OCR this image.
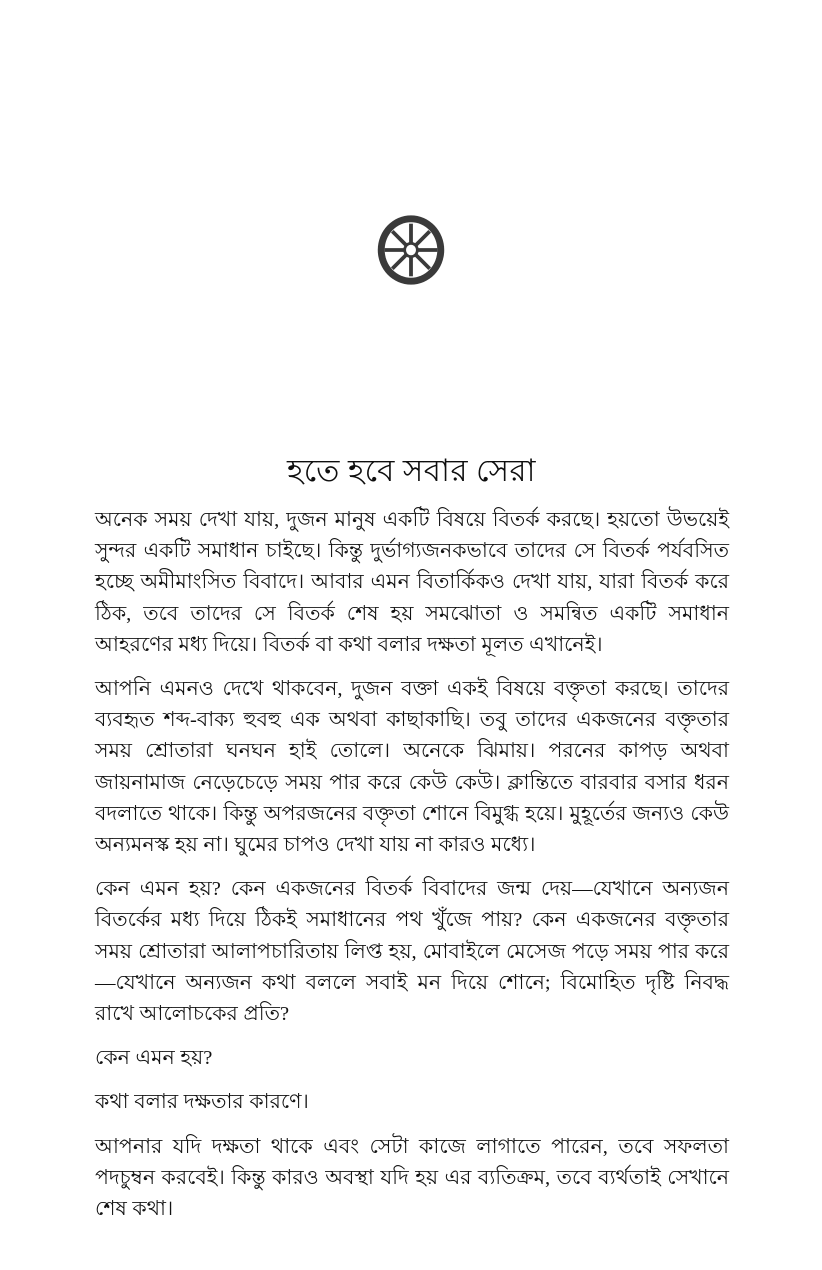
হতে হবে সবার সেরা

অনেক সময় দেখা যায়, দুজন মানুষ একটি বিষয়ে বিতর্ক করছে। হয়তো উভয়েই সুন্দর একটি সমাধান চাইছে। কিন্তু দুর্ভাগ্যজনকভাবে তাদের সে বিতর্ক পর্যবসিত হচ্ছে অমীমাংসিত বিবাদে। আবার এমন বিতার্কিকও দেখা যায়, যারা বিতর্ক করে ঠিক, তবে তাদের সে বিতর্ক শেষ হয় সমঝোতা ও সমন্বিত একটি সমাধান আহরণের মধ্য দিয়ে। বিতর্ক বা কথা বলার দক্ষতা মূলত এখানেই।

আপনি এমনও দেখে থাকবেন, দুজন বক্তা একই বিষয়ে বক্তৃতা করছে। তাদের ব্যবহৃত শব্দ-বাক্য হুবহু এক অথবা কাছাকাছি। তবু তাদের একজনের বক্তৃতার সময় শ্রোতারা ঘনঘন হাই তোলে। অনেকে ঝিমায়। পরনের কাপড় অথবা জায়নামাজ নেড়েচেড়ে সময় পার করে কেউ কেউ। ক্লান্তিতে বারবার বসার ধরন বদলাতে থাকে। কিন্তু অপরজনের বক্তৃতা শোনে বিমুগ্ধ হয়ে। মুহূর্তের জন্যও কেউ অন্যমনস্ক হয় না। ঘুমের চাপও দেখা যায় না কারও মধ্যে।

কেন এমন হয়? কেন একজনের বিতর্ক বিবাদের জন্ম দেয়—যেখানে অন্যজন বিতর্কের মধ্য দিয়ে ঠিকই সমাধানের পথ খুঁজে পায়? কেন একজনের বক্তৃতার সময় শ্রোতারা আলাপচারিতায় লিপ্ত হয়, মোবাইলে মেসেজ পড়ে সময় পার করে—যেখানে অন্যজন কথা বললে সবাই মন দিয়ে শোনে; বিমোহিত দৃষ্টি নিবদ্ধ রাখে আলোচকের প্রতি?

কেন এমন হয়?

কথা বলার দক্ষতার কারণে।

আপনার যদি দক্ষতা থাকে এবং সেটা কাজে লাগাতে পারেন, তবে সফলতা পদচুম্বন করবেই। কিন্তু কারও অবস্থা যদি হয় এর ব্যতিক্রম, তবে ব্যর্থতাই সেখানে শেষ কথা।
